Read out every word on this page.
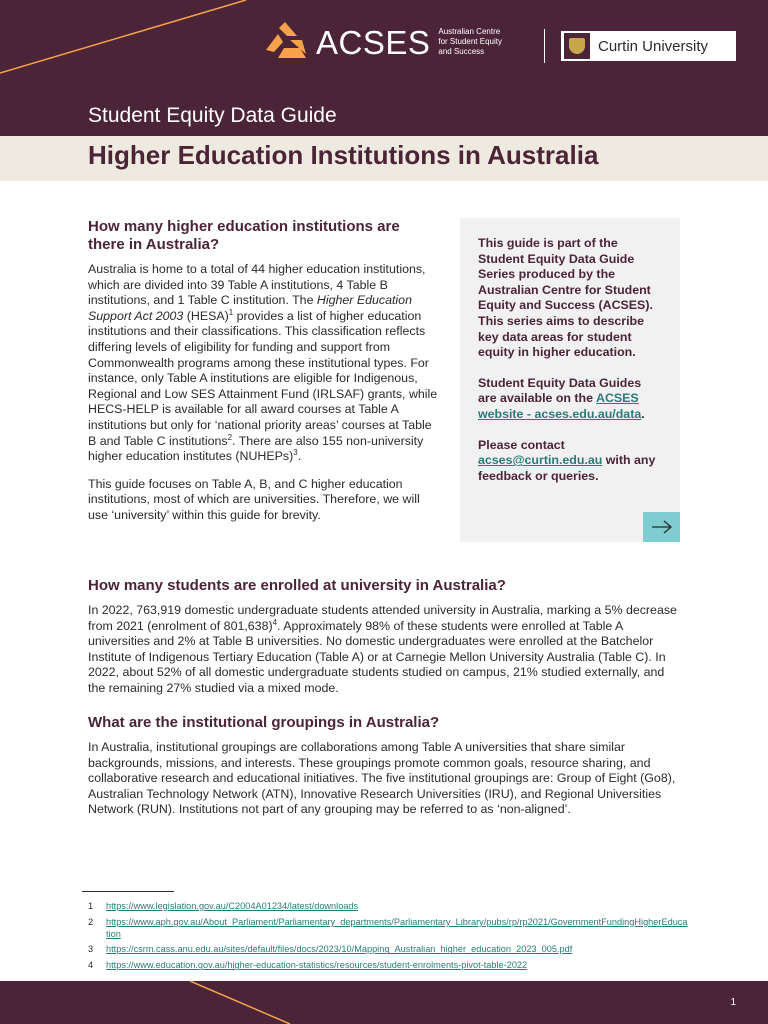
ACSES Australian Centre
for Student Equity
and Success	Curtin University
Student Equity Data Guide
Higher Education Institutions in Australia
How many higher education institutions are there in Australia?

Australia is home to a total of 44 higher education institutions, which are divided into 39 Table A institutions, 4 Table B institutions, and 1 Table C institution. The Higher Education Support Act 2003 (HESA)$^1$ provides a list of higher education institutions and their classifications. This classification reflects differing levels of eligibility for funding and support from Commonwealth programs among these institutional types. For instance, only Table A institutions are eligible for Indigenous, Regional and Low SES Attainment Fund (IRLSAF) grants, while HECS-HELP is available for all award courses at Table A institutions but only for ‘national priority areas’ courses at Table B and Table C institutions$^2$. There are also 155 non-university higher education institutes (NUHEPs)$^3$.

This guide focuses on Table A, B, and C higher education institutions, most of which are universities. Therefore, we will use ‘university’ within this guide for brevity.

This guide is part of the Student Equity Data Guide Series produced by the Australian Centre for Student Equity and Success (ACSES). This series aims to describe key data areas for student equity in higher education.

Student Equity Data Guides are available on the ACSES website - acses.edu.au/data.

Please contact acses@curtin.edu.au with any feedback or queries.

How many students are enrolled at university in Australia?

In 2022, 763,919 domestic undergraduate students attended university in Australia, marking a 5% decrease from 2021 (enrolment of 801,638)$^4$. Approximately 98% of these students were enrolled at Table A universities and 2% at Table B universities. No domestic undergraduates were enrolled at the Batchelor Institute of Indigenous Tertiary Education (Table A) or at Carnegie Mellon University Australia (Table C). In 2022, about 52% of all domestic undergraduate students studied on campus, 21% studied externally, and the remaining 27% studied via a mixed mode.

What are the institutional groupings in Australia?

In Australia, institutional groupings are collaborations among Table A universities that share similar backgrounds, missions, and interests. These groupings promote common goals, resource sharing, and collaborative research and educational initiatives. The five institutional groupings are: Group of Eight (Go8), Australian Technology Network (ATN), Innovative Research Universities (IRU), and Regional Universities Network (RUN). Institutions not part of any grouping may be referred to as ‘non-aligned’.

1	https://www.legislation.gov.au/C2004A01234/latest/downloads
2	https://www.aph.gov.au/About_Parliament/Parliamentary_departments/Parliamentary_Library/pubs/rp/rp2021/GovernmentFundingHigherEducation
3	https://csrm.cass.anu.edu.au/sites/default/files/docs/2023/10/Mapping_Australian_higher_education_2023_005.pdf
4	https://www.education.gov.au/higher-education-statistics/resources/student-enrolments-pivot-table-2022
1
